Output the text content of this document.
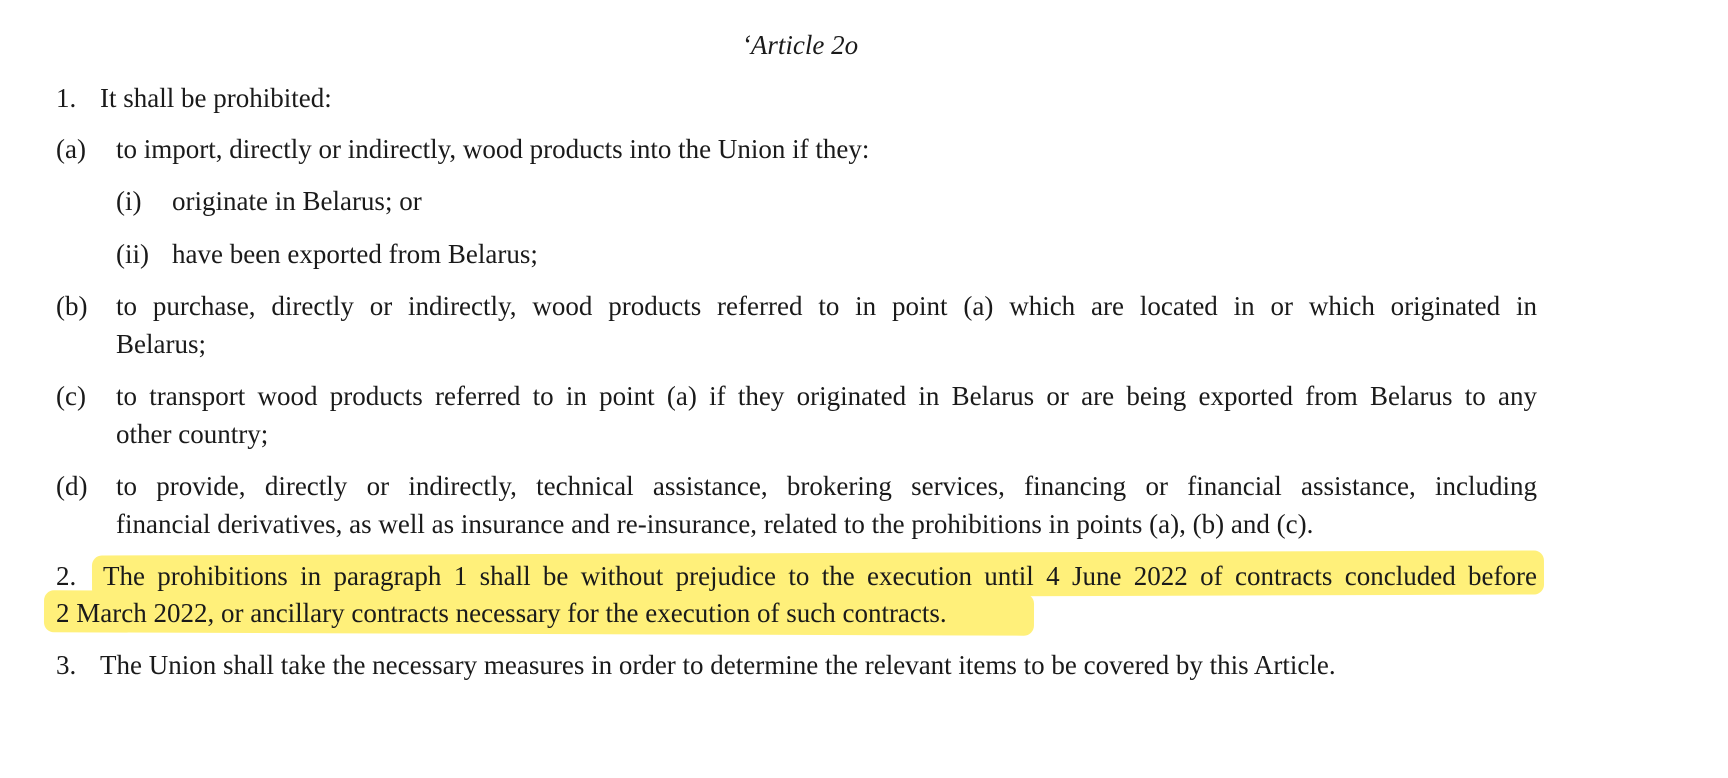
‘Article 2o
1. It shall be prohibited:
(a) to import, directly or indirectly, wood products into the Union if they:
(i) originate in Belarus; or
(ii) have been exported from Belarus;
(b) to purchase, directly or indirectly, wood products referred to in point (a) which are located in or which originated in
Belarus;
(c) to transport wood products referred to in point (a) if they originated in Belarus or are being exported from Belarus to any
other country;
(d) to provide, directly or indirectly, technical assistance, brokering services, financing or financial assistance, including
financial derivatives, as well as insurance and re-insurance, related to the prohibitions in points (a), (b) and (c).
2. The prohibitions in paragraph 1 shall be without prejudice to the execution until 4 June 2022 of contracts concluded before
2 March 2022, or ancillary contracts necessary for the execution of such contracts.
3. The Union shall take the necessary measures in order to determine the relevant items to be covered by this Article.
